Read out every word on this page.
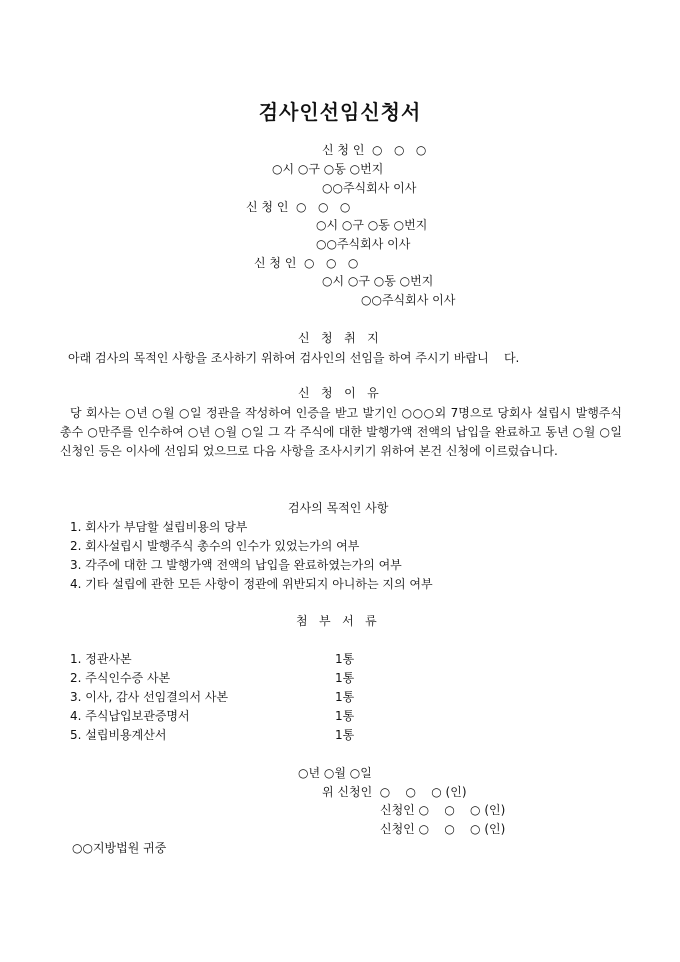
검사인선임신청서
신 청 인  ○   ○   ○
○시 ○구 ○동 ○번지
○○주식회사 이사
신 청 인  ○   ○   ○
○시 ○구 ○동 ○번지
○○주식회사 이사
신 청 인  ○   ○   ○
○시 ○구 ○동 ○번지
○○주식회사 이사
신   청   취   지
아래 검사의 목적인 사항을 조사하기 위하여 검사인의 선임을 하여 주시기 바랍니    다.
신   청   이   유
당 회사는 ○년 ○월 ○일 정관을 작성하여 인증을 받고 발기인 ○○○외 7명으로 당회사 설립시 발행주식 총수 ○만주를 인수하여 ○년 ○월 ○일 그 각 주식에 대한 발행가액 전액의 납입을 완료하고 동년 ○월 ○일 신청인 등은 이사에 선임되 었으므로 다음 사항을 조사시키기 위하여 본건 신청에 이르렀습니다.
검사의 목적인 사항
1. 회사가 부담할 설립비용의 당부
2. 회사설립시 발행주식 총수의 인수가 있었는가의 여부
3. 각주에 대한 그 발행가액 전액의 납입을 완료하였는가의 여부
4. 기타 설립에 관한 모든 사항이 정관에 위반되지 아니하는 지의 여부
첨   부   서   류
1. 정관사본	1통
2. 주식인수증 사본	1통
3. 이사, 감사 선임결의서 사본	1통
4. 주식납입보관증명서	1통
5. 설립비용계산서	1통
○년 ○월 ○일
위 신청인  ○    ○    ○ (인)
신청인 ○    ○    ○ (인)
신청인 ○    ○    ○ (인)
○○지방법원 귀중
